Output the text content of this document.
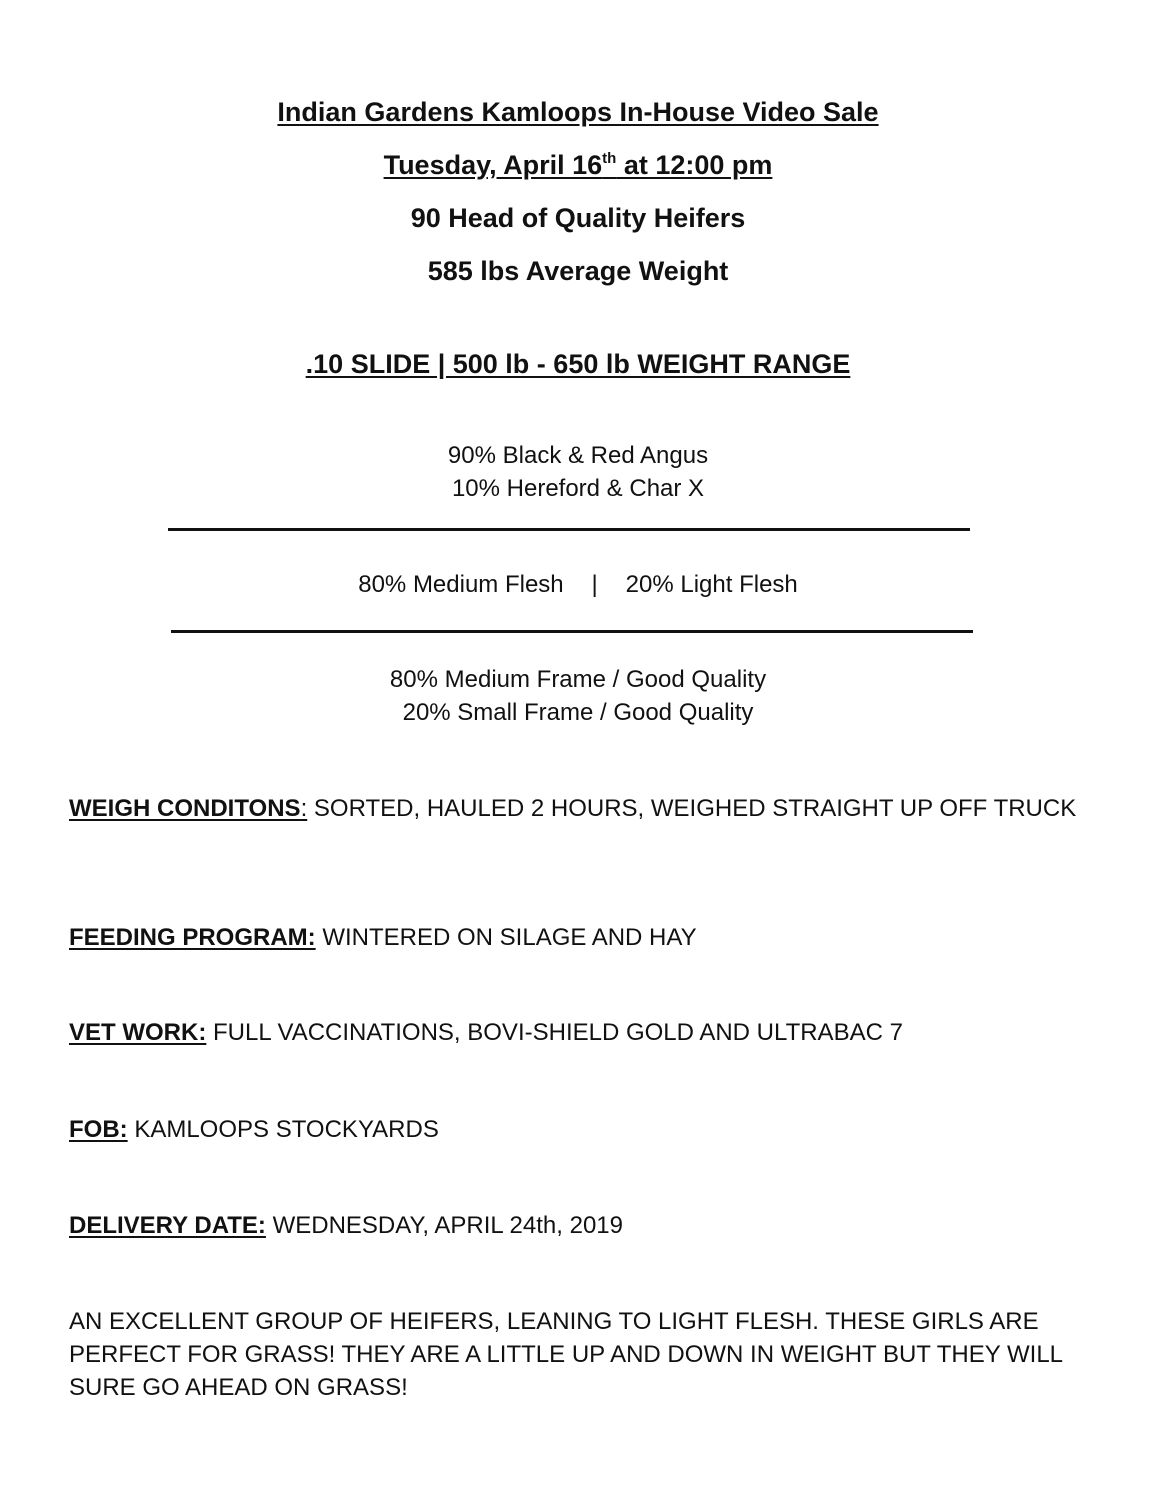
Indian Gardens Kamloops In-House Video Sale
Tuesday, April 16th at 12:00 pm
90 Head of Quality Heifers
585 lbs Average Weight
.10 SLIDE | 500 lb - 650 lb WEIGHT RANGE
90% Black & Red Angus
10% Hereford & Char X
80% Medium Flesh | 20% Light Flesh
80% Medium Frame / Good Quality
20% Small Frame / Good Quality
WEIGH CONDITONS: SORTED, HAULED 2 HOURS, WEIGHED STRAIGHT UP OFF TRUCK
FEEDING PROGRAM: WINTERED ON SILAGE AND HAY
VET WORK: FULL VACCINATIONS, BOVI-SHIELD GOLD AND ULTRABAC 7
FOB: KAMLOOPS STOCKYARDS
DELIVERY DATE: WEDNESDAY, APRIL 24th, 2019
AN EXCELLENT GROUP OF HEIFERS, LEANING TO LIGHT FLESH. THESE GIRLS ARE PERFECT FOR GRASS! THEY ARE A LITTLE UP AND DOWN IN WEIGHT BUT THEY WILL SURE GO AHEAD ON GRASS!
